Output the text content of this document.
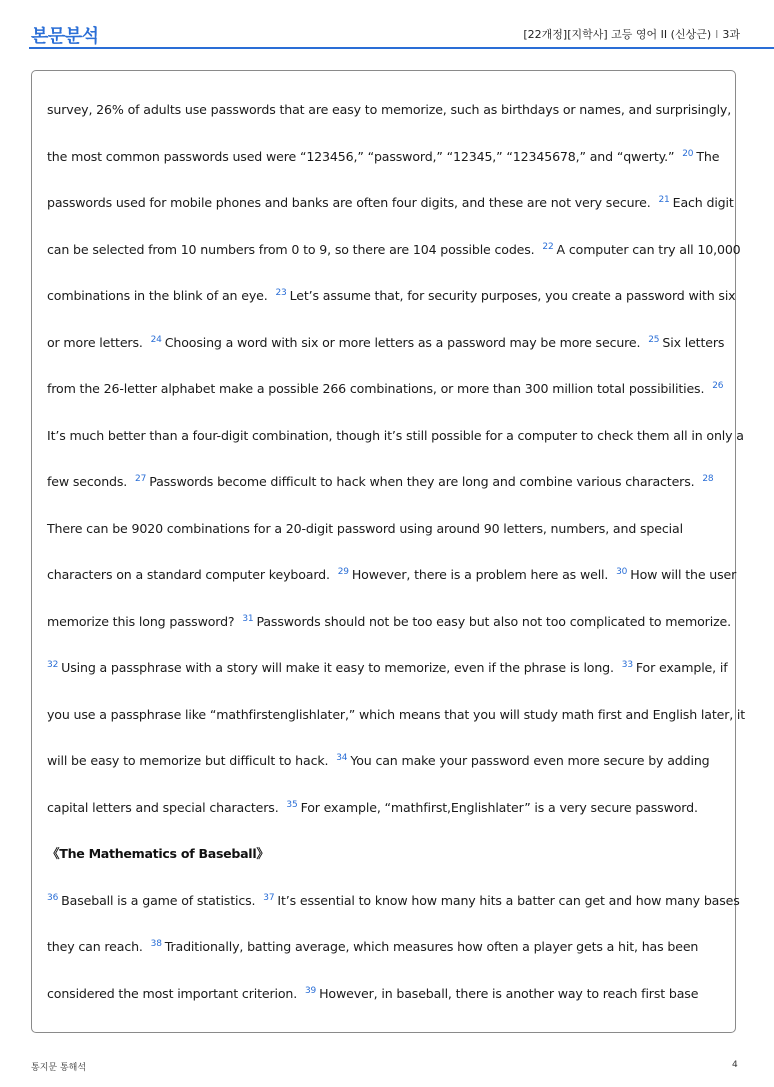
본문분석	[22개정][지학사] 고등 영어 II (신상근) I 3과
survey, 26% of adults use passwords that are easy to memorize, such as birthdays or names, and surprisingly,
the most common passwords used were “123456,” “password,” “12345,” “12345678,” and “qwerty.” $^{20}$ The
passwords used for mobile phones and banks are often four digits, and these are not very secure. $^{21}$ Each digit
can be selected from 10 numbers from 0 to 9, so there are 104 possible codes. $^{22}$ A computer can try all 10,000
combinations in the blink of an eye. $^{23}$ Let’s assume that, for security purposes, you create a password with six
or more letters. $^{24}$ Choosing a word with six or more letters as a password may be more secure. $^{25}$ Six letters
from the 26-letter alphabet make a possible 266 combinations, or more than 300 million total possibilities. $^{26}$
It’s much better than a four-digit combination, though it’s still possible for a computer to check them all in only a
few seconds. $^{27}$ Passwords become difficult to hack when they are long and combine various characters. $^{28}$
There can be 9020 combinations for a 20-digit password using around 90 letters, numbers, and special
characters on a standard computer keyboard. $^{29}$ However, there is a problem here as well. $^{30}$ How will the user
memorize this long password? $^{31}$ Passwords should not be too easy but also not too complicated to memorize.
$^{32}$ Using a passphrase with a story will make it easy to memorize, even if the phrase is long. $^{33}$ For example, if
you use a passphrase like “mathfirstenglishlater,” which means that you will study math first and English later, it
will be easy to memorize but difficult to hack. $^{34}$ You can make your password even more secure by adding
capital letters and special characters. $^{35}$ For example, “mathfirst,Englishlater” is a very secure password.
《The Mathematics of Baseball》
$^{36}$ Baseball is a game of statistics. $^{37}$ It’s essential to know how many hits a batter can get and how many bases
they can reach. $^{38}$ Traditionally, batting average, which measures how often a player gets a hit, has been
considered the most important criterion. $^{39}$ However, in baseball, there is another way to reach first base
통지문 통해석	4
